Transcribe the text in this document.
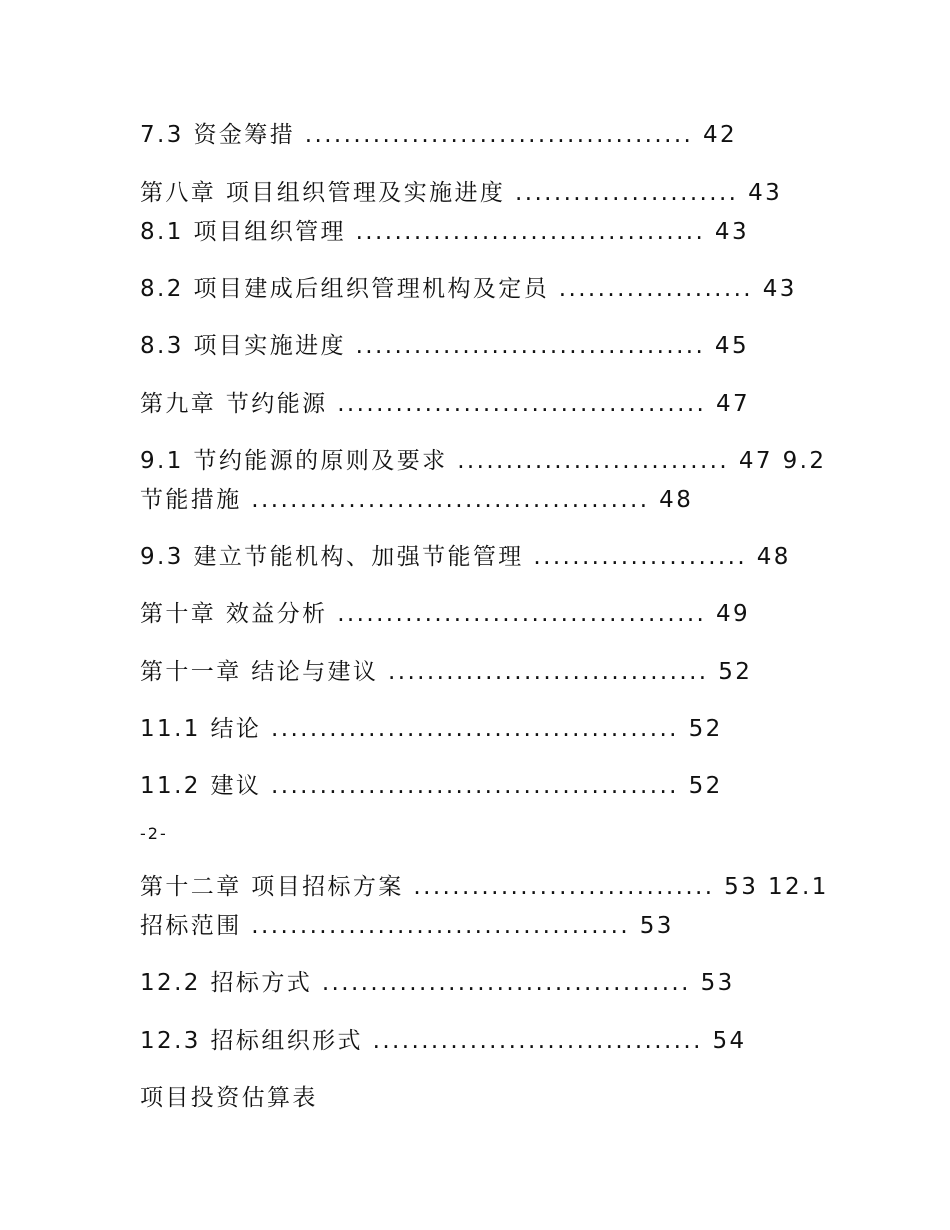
7.3 资金筹措 ........................................ 42
第八章 项目组织管理及实施进度 ....................... 43
8.1 项目组织管理 .................................... 43
8.2 项目建成后组织管理机构及定员 .................... 43
8.3 项目实施进度 .................................... 45
第九章 节约能源 ...................................... 47
9.1 节约能源的原则及要求 ............................ 47 9.2
节能措施 ......................................... 48
9.3 建立节能机构、加强节能管理 ...................... 48
第十章 效益分析 ...................................... 49
第十一章 结论与建议 ................................. 52
11.1 结论 .......................................... 52
11.2 建议 .......................................... 52
-2-
第十二章 项目招标方案 ............................... 53 12.1
招标范围 ....................................... 53
12.2 招标方式 ...................................... 53
12.3 招标组织形式 .................................. 54
项目投资估算表
